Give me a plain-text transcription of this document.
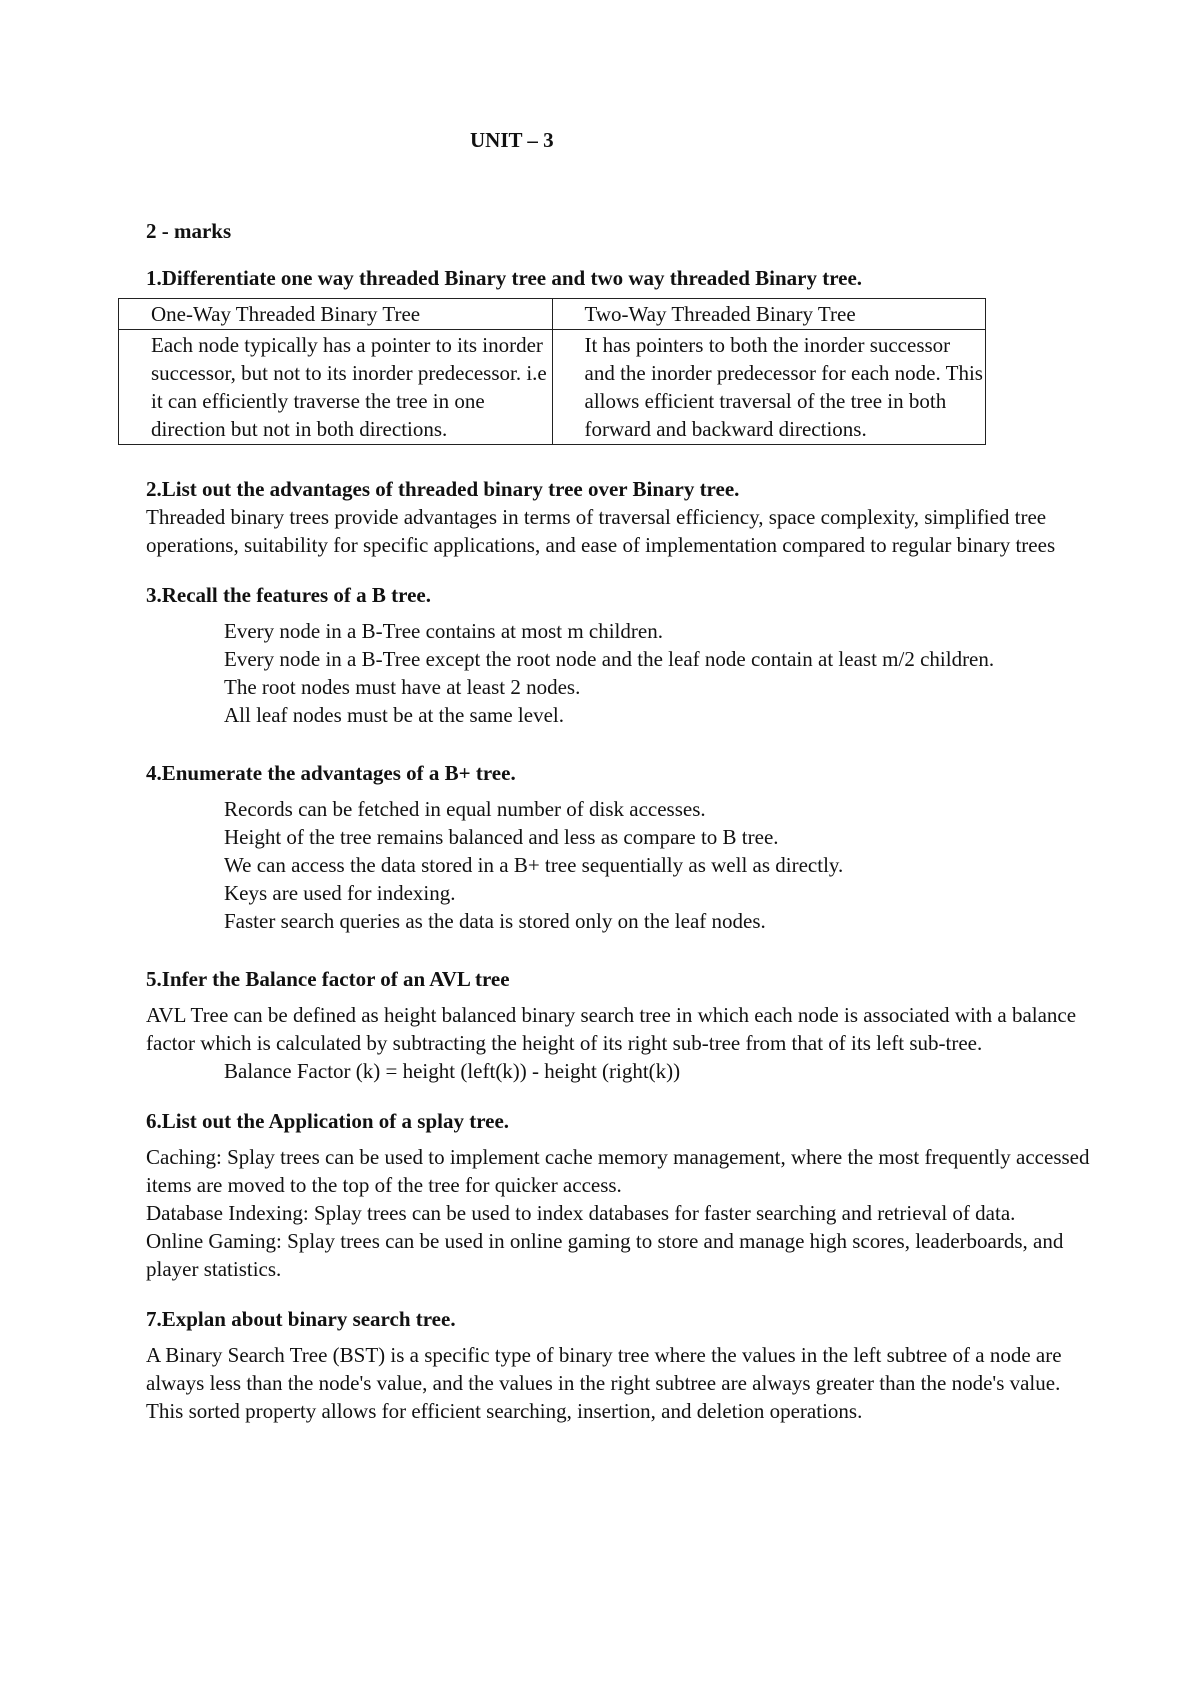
UNIT – 3
2 - marks

1.Differentiate one way threaded Binary tree and two way threaded Binary tree.

One-Way Threaded Binary Tree	Two-Way Threaded Binary Tree
Each node typically has a pointer to its inorder successor, but not to its inorder predecessor. i.e it can efficiently traverse the tree in one direction but not in both directions.	It has pointers to both the inorder successor and the inorder predecessor for each node. This allows efficient traversal of the tree in both forward and backward directions.

2.List out the advantages of threaded binary tree over Binary tree.

Threaded binary trees provide advantages in terms of traversal efficiency, space complexity, simplified tree operations, suitability for specific applications, and ease of implementation compared to regular binary trees

3.Recall the features of a B tree.

Every node in a B-Tree contains at most m children.
Every node in a B-Tree except the root node and the leaf node contain at least m/2 children.
The root nodes must have at least 2 nodes.
All leaf nodes must be at the same level.

4.Enumerate the advantages of a B+ tree.

Records can be fetched in equal number of disk accesses.
Height of the tree remains balanced and less as compare to B tree.
We can access the data stored in a B+ tree sequentially as well as directly.
Keys are used for indexing.
Faster search queries as the data is stored only on the leaf nodes.

5.Infer the Balance factor of an AVL tree

AVL Tree can be defined as height balanced binary search tree in which each node is associated with a balance factor which is calculated by subtracting the height of its right sub-tree from that of its left sub-tree.

Balance Factor (k) = height (left(k)) - height (right(k))

6.List out the Application of a splay tree.

Caching: Splay trees can be used to implement cache memory management, where the most frequently accessed items are moved to the top of the tree for quicker access.

Database Indexing: Splay trees can be used to index databases for faster searching and retrieval of data.

Online Gaming: Splay trees can be used in online gaming to store and manage high scores, leaderboards, and player statistics.

7.Explan about binary search tree.

A Binary Search Tree (BST) is a specific type of binary tree where the values in the left subtree of a node are always less than the node's value, and the values in the right subtree are always greater than the node's value.

This sorted property allows for efficient searching, insertion, and deletion operations.
